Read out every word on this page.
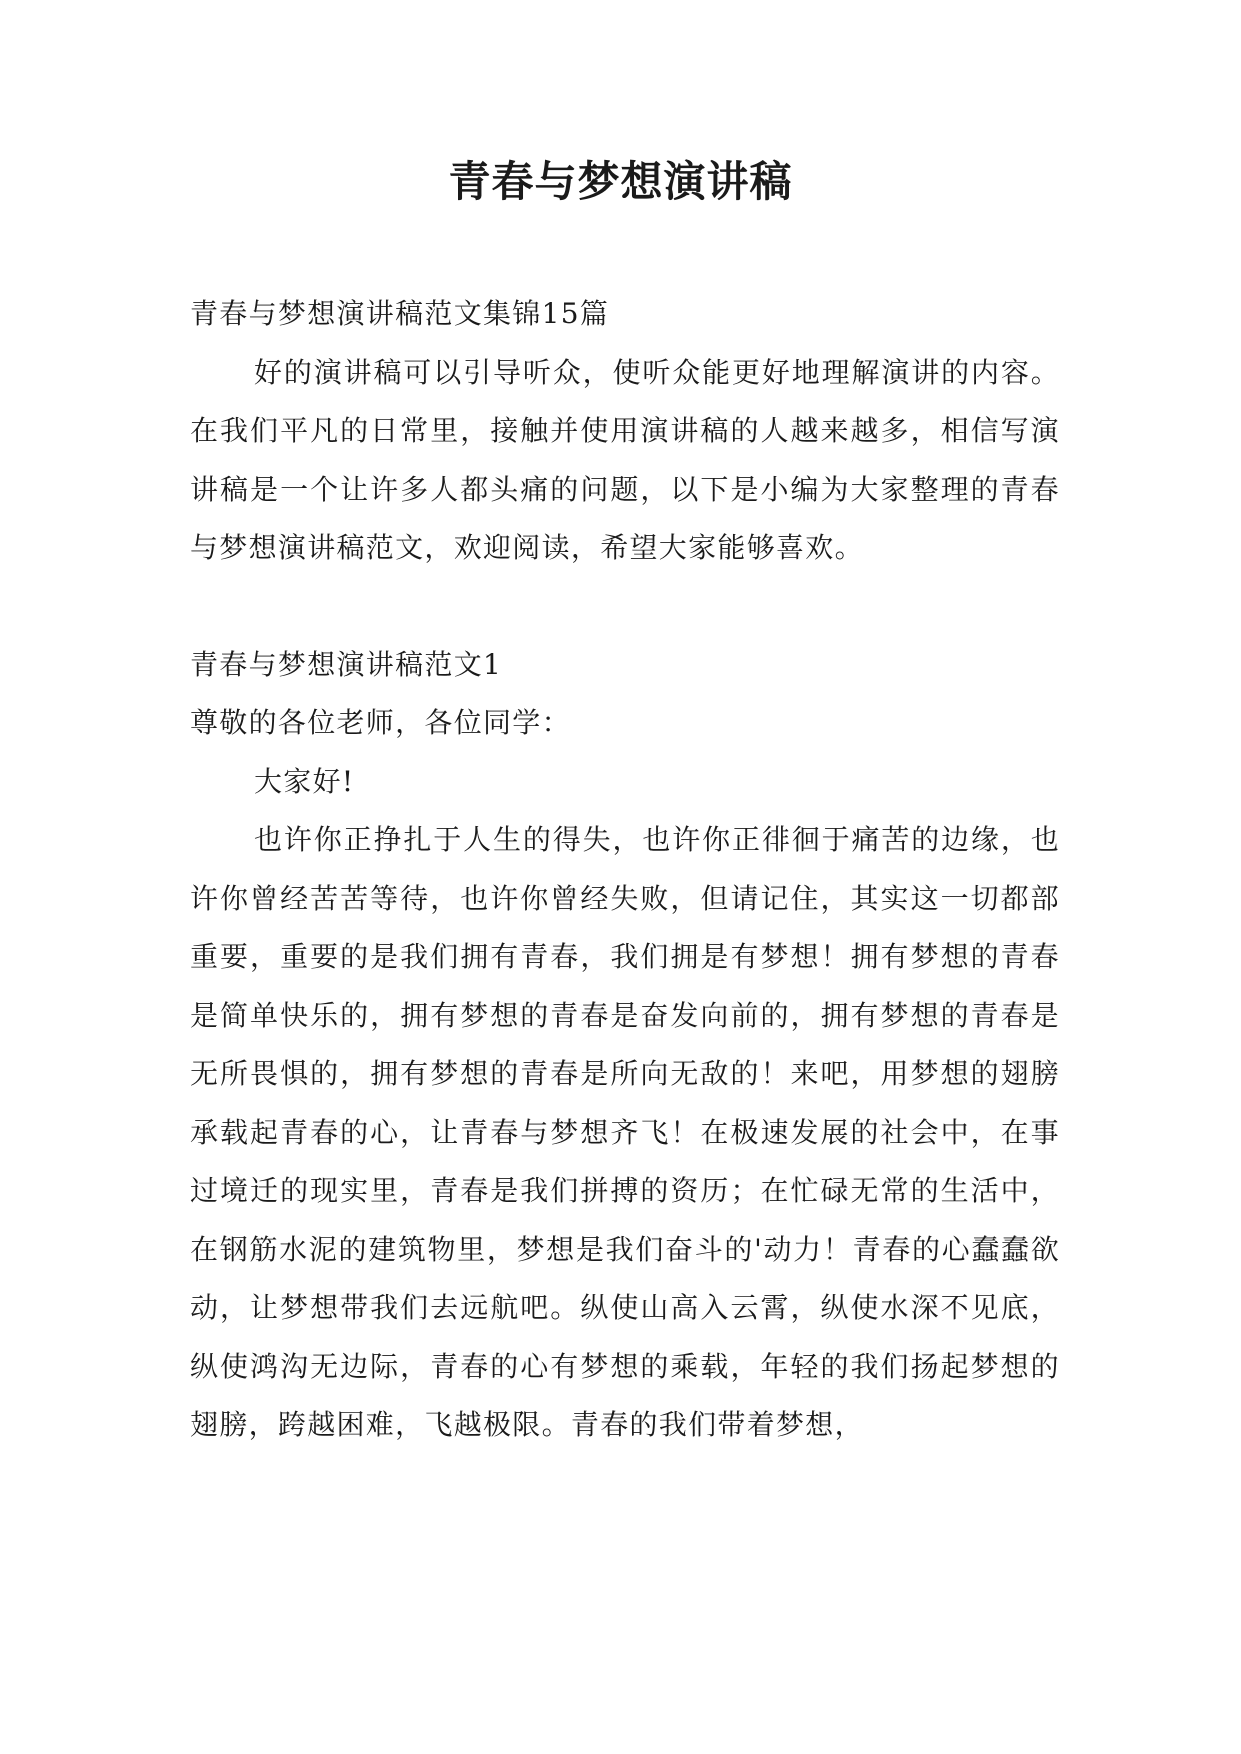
青春与梦想演讲稿

青春与梦想演讲稿范文集锦15篇

好的演讲稿可以引导听众，使听众能更好地理解演讲的内容。在我们平凡的日常里，接触并使用演讲稿的人越来越多，相信写演讲稿是一个让许多人都头痛的问题，以下是小编为大家整理的青春与梦想演讲稿范文，欢迎阅读，希望大家能够喜欢。

青春与梦想演讲稿范文1

尊敬的各位老师，各位同学：

大家好!

也许你正挣扎于人生的得失，也许你正徘徊于痛苦的边缘，也许你曾经苦苦等待，也许你曾经失败，但请记住，其实这一切都部重要，重要的是我们拥有青春，我们拥是有梦想！拥有梦想的青春是简单快乐的，拥有梦想的青春是奋发向前的，拥有梦想的青春是无所畏惧的，拥有梦想的青春是所向无敌的！来吧，用梦想的翅膀承载起青春的心，让青春与梦想齐飞！在极速发展的社会中，在事过境迁的现实里，青春是我们拼搏的资历；在忙碌无常的生活中，在钢筋水泥的建筑物里，梦想是我们奋斗的'动力！青春的心蠢蠢欲动，让梦想带我们去远航吧。纵使山高入云霄，纵使水深不见底，纵使鸿沟无边际，青春的心有梦想的乘载，年轻的我们扬起梦想的翅膀，跨越困难，飞越极限。青春的我们带着梦想，
